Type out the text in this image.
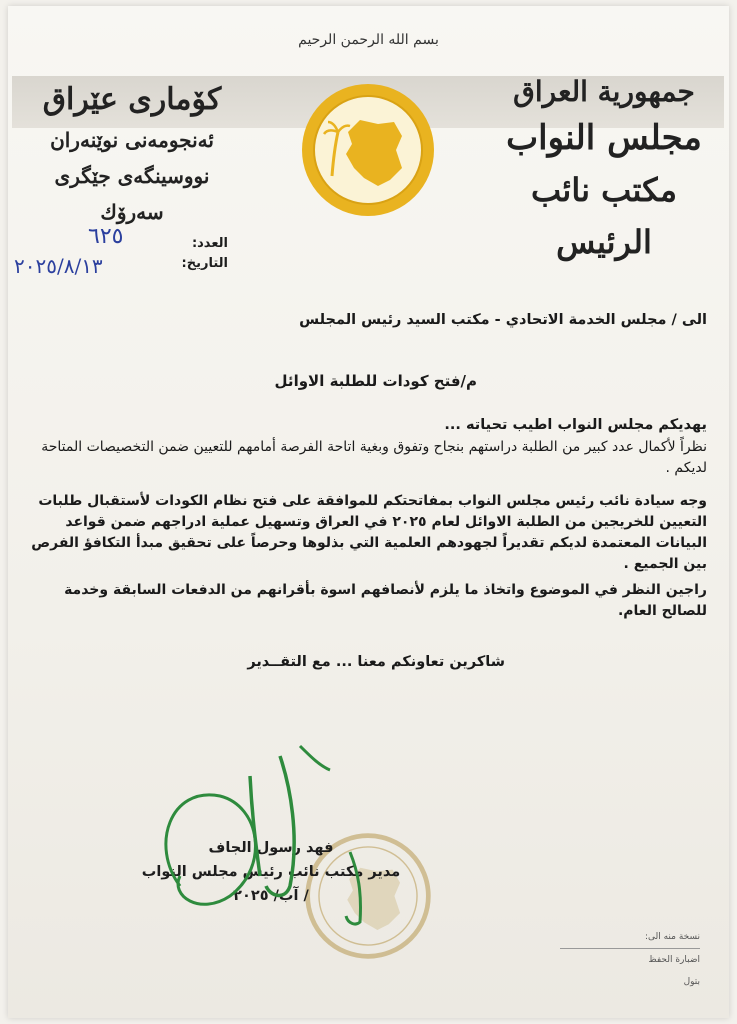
بسم الله الرحمن الرحيم
جمهورية العراق
مجلس النواب
مكتب نائب الرئيس
كۆماری عێراق
ئەنجومەنی نوێنەران
نووسینگەی جێگری سەرۆك
العدد:
التاريخ:
٦٢٥
٢٠٢٥/٨/١٣
الى / مجلس الخدمة الاتحادي - مكتب السيد رئيس المجلس
م/فتح كودات للطلبة الاوائل
يهديكم مجلس النواب اطيب تحياته ...
نظراً لأكمال عدد كبير من الطلبة دراستهم بنجاح وتفوق وبغية اتاحة الفرصة أمامهم للتعيين ضمن التخصيصات المتاحة لديكم .
وجه سيادة نائب رئيس مجلس النواب بمفاتحتكم للموافقة على فتح نظام الكودات لأستقبال طلبات التعيين للخريجين من الطلبة الاوائل لعام ٢٠٢٥ في العراق وتسهيل عملية ادراجهم ضمن قواعد البيانات المعتمدة لديكم تقديراً لجهودهم العلمية التي بذلوها وحرصاً على تحقيق مبدأ التكافؤ الفرص بين الجميع .
راجين النظر في الموضوع واتخاذ ما يلزم لأنصافهم اسوة بأقرانهم من الدفعات السابقة وخدمة للصالح العام.
شاكرين تعاونكم معنا ... مع التقــدير
فهد رسول الجاف
مدير مكتب نائب رئيس مجلس النواب
/ آب/ ٢٠٢٥
نسخة منه الى:
اضبارة الحفظ
بتول
